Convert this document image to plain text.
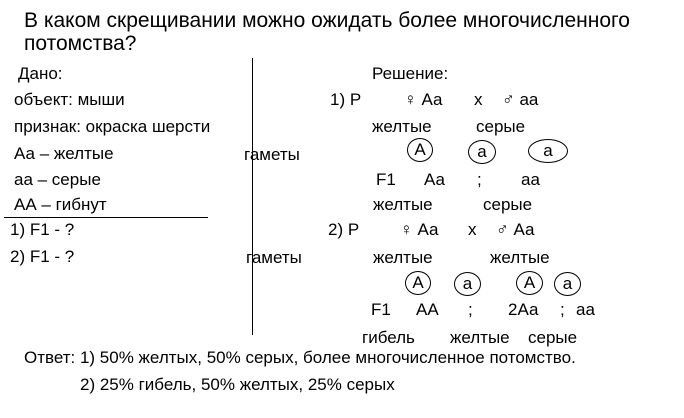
В каком скрещивании можно ожидать более многочисленного
потомства?
Дано:
объект: мыши
признак: окраска шерсти
Аа – желтые
аа – серые
АА – гибнут
1) F1 - ?
2) F1 - ?
Решение:
1) Р	♀ Аа х ♂ аа
желтые	серые
гаметы	А	а	а
F1 Аа ; аа
желтые	серые
2) Р ♀ Аа х ♂ Аа
гаметы	желтые	желтые
А	а	А	а
F1 АА ; 2Аа ; аа
гибель желтые серые
Ответ: 1) 50% желтых, 50% серых, более многочисленное потомство.
2) 25% гибель, 50% желтых, 25% серых
